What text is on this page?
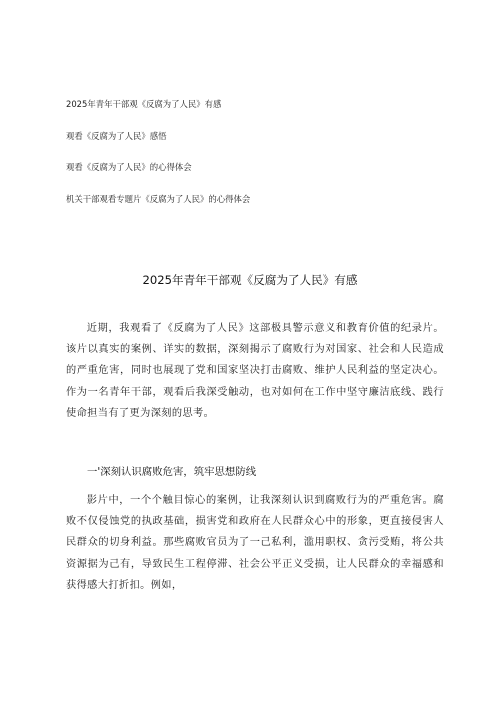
2025年青年干部观《反腐为了人民》有感
观看《反腐为了人民》感悟
观看《反腐为了人民》的心得体会
机关干部观看专题片《反腐为了人民》的心得体会
2025年青年干部观《反腐为了人民》有感
近期，我观看了《反腐为了人民》这部极具警示意义和教育价值的纪录片。该片以真实的案例、详实的数据，深刻揭示了腐败行为对国家、社会和人民造成的严重危害，同时也展现了党和国家坚决打击腐败、维护人民利益的坚定决心。作为一名青年干部，观看后我深受触动，也对如何在工作中坚守廉洁底线、践行使命担当有了更为深刻的思考。
一'深刻认识腐败危害，筑牢思想防线
影片中，一个个触目惊心的案例，让我深刻认识到腐败行为的严重危害。腐败不仅侵蚀党的执政基础，损害党和政府在人民群众心中的形象，更直接侵害人民群众的切身利益。那些腐败官员为了一己私利，滥用职权、贪污受贿，将公共资源据为己有，导致民生工程停滞、社会公平正义受损，让人民群众的幸福感和获得感大打折扣。例如，
